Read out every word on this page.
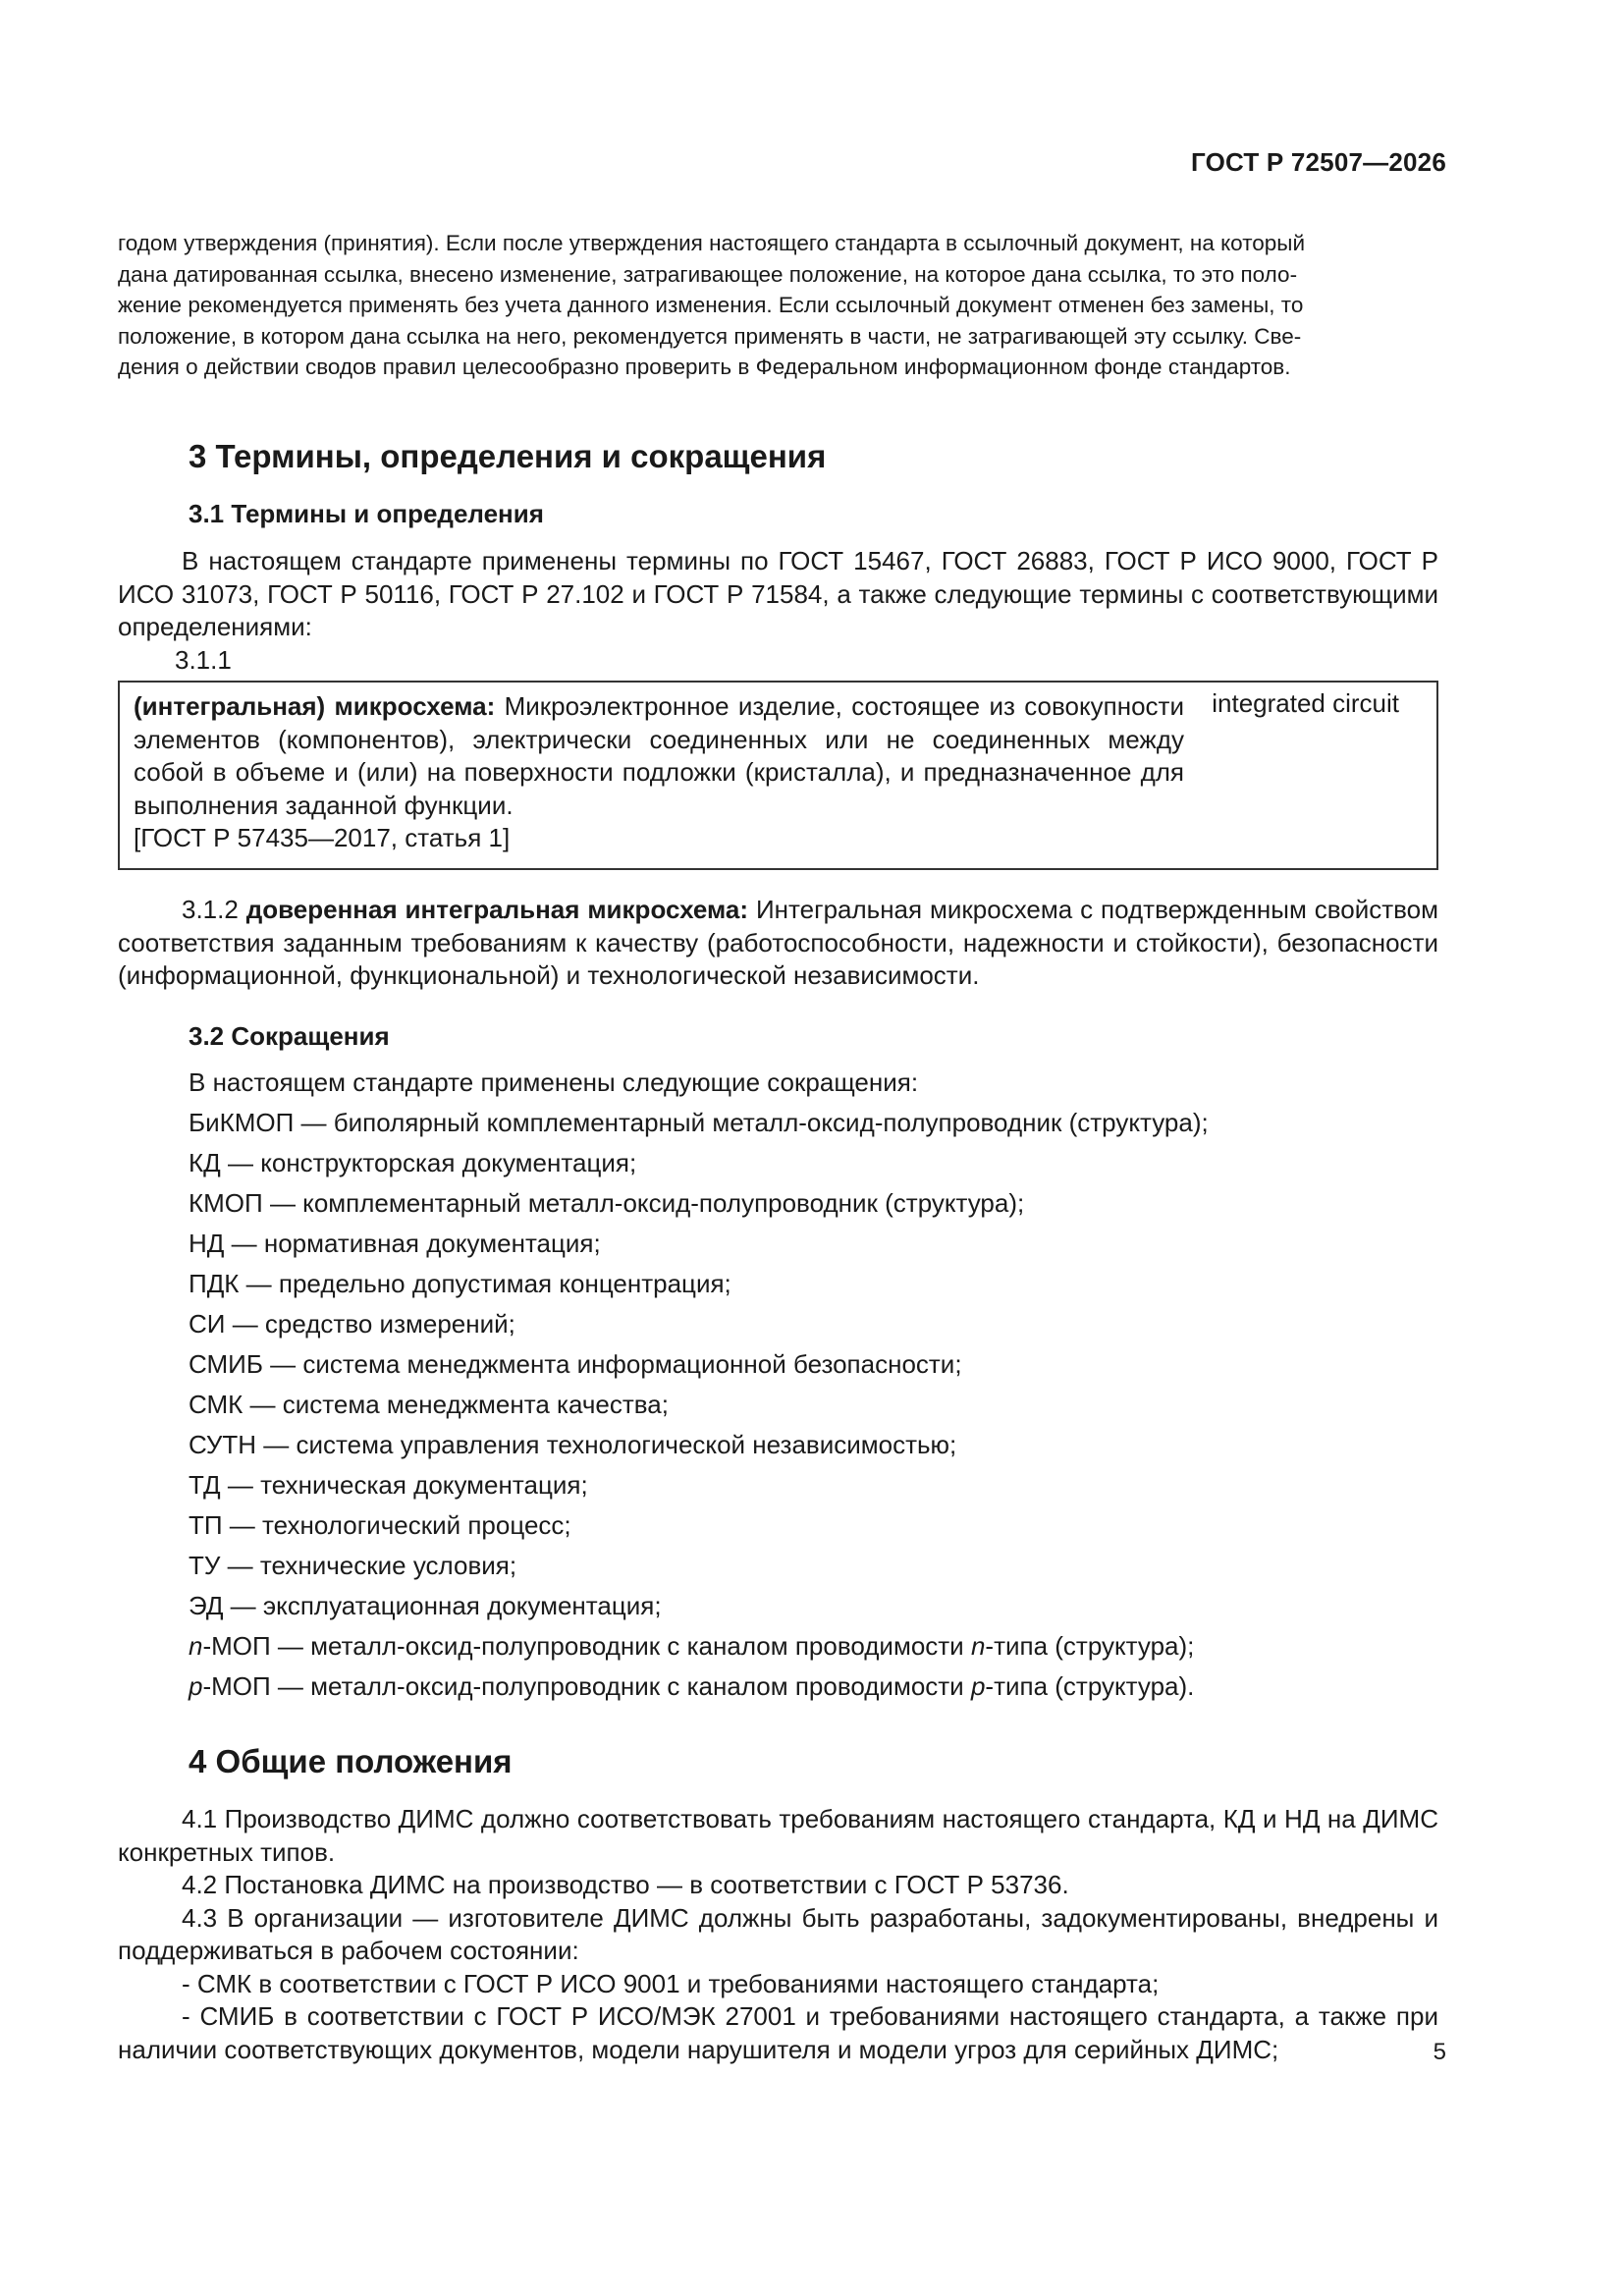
ГОСТ Р 72507—2026

годом утверждения (принятия). Если после утверждения настоящего стандарта в ссылочный документ, на который

дана датированная ссылка, внесено изменение, затрагивающее положение, на которое дана ссылка, то это поло-

жение рекомендуется применять без учета данного изменения. Если ссылочный документ отменен без замены, то

положение, в котором дана ссылка на него, рекомендуется применять в части, не затрагивающей эту ссылку. Све-

дения о действии сводов правил целесообразно проверить в Федеральном информационном фонде стандартов.

3 Термины, определения и сокращения

3.1 Термины и определения

В настоящем стандарте применены термины по ГОСТ 15467, ГОСТ 26883, ГОСТ Р ИСО 9000, ГОСТ Р ИСО 31073, ГОСТ Р 50116, ГОСТ Р 27.102 и ГОСТ Р 71584, а также следующие термины с соответствующими определениями:

3.1.1

(интегральная) микросхема: Микроэлектронное изделие, состоящее из совокупности элементов (компонентов), электрически соединенных или не соединенных между собой в объеме и (или) на поверхности подложки (кристалла), и предназначенное для выполнения заданной функции.

[ГОСТ Р 57435—2017, статья 1]

integrated circuit

3.1.2 доверенная интегральная микросхема: Интегральная микросхема с подтвержденным свойством соответствия заданным требованиям к качеству (работоспособности, надежности и стойкости), безопасности (информационной, функциональной) и технологической независимости.

3.2 Сокращения

В настоящем стандарте применены следующие сокращения:

БиКМОП — биполярный комплементарный металл-оксид-полупроводник (структура);

КД — конструкторская документация;

КМОП — комплементарный металл-оксид-полупроводник (структура);

НД — нормативная документация;

ПДК — предельно допустимая концентрация;

СИ — средство измерений;

СМИБ — система менеджмента информационной безопасности;

СМК — система менеджмента качества;

СУТН — система управления технологической независимостью;

ТД — техническая документация;

ТП — технологический процесс;

ТУ — технические условия;

ЭД — эксплуатационная документация;

n-МОП — металл-оксид-полупроводник с каналом проводимости n-типа (структура);

p-МОП — металл-оксид-полупроводник с каналом проводимости p-типа (структура).

4 Общие положения

4.1 Производство ДИМС должно соответствовать требованиям настоящего стандарта, КД и НД на ДИМС конкретных типов.

4.2 Постановка ДИМС на производство — в соответствии с ГОСТ Р 53736.

4.3 В организации — изготовителе ДИМС должны быть разработаны, задокументированы, внедрены и поддерживаться в рабочем состоянии:

- СМК в соответствии с ГОСТ Р ИСО 9001 и требованиями настоящего стандарта;

- СМИБ в соответствии с ГОСТ Р ИСО/МЭК 27001 и требованиями настоящего стандарта, а также при наличии соответствующих документов, модели нарушителя и модели угроз для серийных ДИМС;	5
